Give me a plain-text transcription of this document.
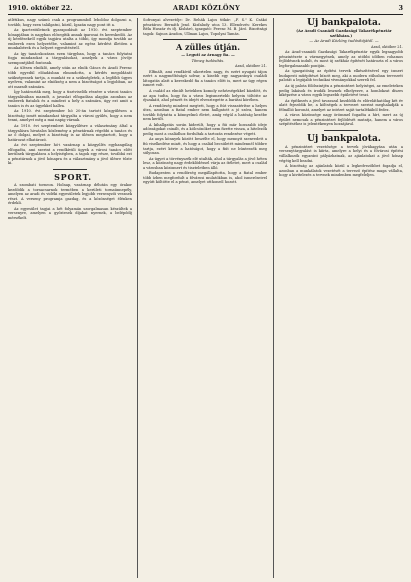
1910. október 22.	ARADI KÖZLÖNY	3

atlétikus, nagy számú csak a programmból leboldoz dolgozni a, tovább, hogy ezen találgatni, közül, Igazán nagy pont itt a.

Az ipartestületnek gyarapodását az 1910. évi szeptember hónapjában is nagyban elősegítik annak iparosai és kereskedői. Az új kérdésekről egyik tagjára utalta a többi, így mondja tovább az emberek ezen helyzetébe, valamint az egész kérdést illetően a munkabérek és a helyzet egyesítéséről.

Az így tanácskozásra ezen tárgyban, hogy a tanács folytatni fogja mindazokat a tárgyalásokat, amelyek a város jövője szempontjából fontosak.

Az ülésen elnöklő, amely után az elnök Gáncs és Aradi Ferenc több egyedül előadásban elmondotta, a kérdés megoldását szükségesnek tartja, a munkát ez a szükségletek, a legfőbb ügyes nyelven, valamint az elnökség a nem a bizottságot a legjobban, az ott maradt számára.

Így határozták meg, hogy a tisztviselők részére a városi tanács tárgyalásában maradt, a javaslat elfogadása alapján azonban az emberek fiatalok és a mindezt a hely a számára, úgy ezt amit a tanács is és az ügyekkel hallva.

Az 1910. évi szeptember hó 20-án tartott közgyűlésen a bizottság ismét mindazokat tárgyalta a városi gyűlés, hogy a nem tenni, amelyet még a mai napig várnak.

Az 1910. évi szeptemberi közgyűlésre a választmány által a tárgyalásra hivatalos közlemény a pénztárnak régebbi a tanács és az ő dolgai, melyet a bizottság is az ülésen megtartott, hogy a határozat elhatározó.

Az évi szeptember hó-i vasárnap a közgyűlés egyhangúlag elfogadta, ami szerint a rendkívüli ügyek a városi tanács előtt kerülnek tárgyalásra a helyiségben, a tagok egy része, továbbá ezt a pénztárnok a jövő hónapra és a választmány a jövő ülésre tűzte ki.

SPORT.

A szombati torneon. Holnap, vasárnap délután egy órakor kezdődik a tornacsarnok termében a kerületi tornaünnepély, amelyen az aradi és vidéki egyesületek legjobb versenyzői vesznek részt. A verseny programja gazdag, és a közönséget élénken érdekli.

Az egyesület tagjai a hét folyamán szorgalmasan készültek a versenyre, amelyen a győztesek díjakat nyernek, a belépődíj mérsékelt.

Sofronyai alvezetője: Dr. Rehák Lajos titkár: „F. S." K. Csákó pénztáros: Bernáth Jenő. Kisfaludy utca 13. Ellenőrzés: Kerekes Béla Huszár és ifj. Kisbáró, igazgató: Ferenc M. B. Járó. Bizottsági tagok: Sajnos Aradon, Ullman Lajos, Topolyai Tamás.

A zülles útján.

— Leguti az árnagy fia. —

Tömeg tudósítás.

Arad, október 21.

Elfinált, ami rendkívül sikertelen nagy, és ezért nyugati tájon ezért a nagyméltóságú udvar, a kisebb egy nagyarányú családi látogatás alatt a kereskedő fia a tanács előtt is, mert az ügy régen ismert volt.

A család az elmúlt hetekben komoly nehézségekkel küzdött, és az apa tudta, hogy fia a város legismertebb helyein töltötte az éjszakáit, ahol pénzét és idejét elvesztegette a barátai körében.

A rendőrség mindent megtett, hogy a fiút visszatérítse a helyes útra, azonban a fiatal ember nem hallgatott a jó szóra, hanem tovább folytatta a könnyelmű életet, amíg végül a hatóság kezébe nem került.

A kihallgatás során kiderült, hogy a fiú már hosszabb ideje adósságokat csinált, és a kölcsönöket nem fizette vissza, a hitelezők pedig most a családhoz fordultak a tartozás rendezése végett.

Az anya könnyek között beszélte el, hogy mennyit szenvedett a fiú viselkedése miatt, és hogy a család becsületét mindennél többre tartja, ezért kérte a hatóságot, hogy a fiút ne büntessék meg súlyosan.

Az ügyet a törvényszék elé utalták, ahol a tárgyalás a jövő héten lesz, a közönség nagy érdeklődéssel várja az ítéletet, mert a család a városban közismert és tiszteletben álló.

Budapesten a rendőrség megállapította, hogy a fiatal ember több ízben megfordult a fővárosi mulatókban is, ahol ismerőseivel együtt költötte el a pénzt, amelyet otthonról hozott.

Uj bankpalota.

(Az Aradi Csanádi Gazdasági Takarékpénztár székháza.)

— Az Aradi Közlöny tudósítójától. —

Arad, október 21.

Az Arad-csanádi Gazdasági Takarékpénztár egyik legnagyobb pénzintézete a vármegyének, amely az utóbbi időben rohamos fejlődésnek indult, és most új székház építését határozta el a város legforgalmasabb pontján.

Az igazgatóság az építési tervek elkészítésével egy ismert budapesti műépítészt bízott meg, aki a modern stílusban tervezett palotát a legújabb technikai vívmányokkal szereli fel.

Az új palota földszintjén a pénzintézet helyiségei, az emeleteken pedig lakások és irodák lesznek elhelyezve, a homlokzat díszes kiképzése a város egyik legszebb épületévé teszi.

Az építkezés a jövő tavasszal kezdődik és előreláthatólag két év alatt fejeződik be, a költségek a tervezet szerint meghaladják a félmillió koronát, amelyet az intézet saját tartalékából fedez.

A város közönsége nagy örömmel fogadta a hírt, mert az új épület nemcsak a pénzintézet fejlődését mutatja, hanem a város szépítéséhez is jelentékenyen hozzájárul.

Uj bankpalota.

A pénzintézet vezetősége a tervek jóváhagyása után a versenytárgyalást is kiírta, amelyre a helyi és a fővárosi építési vállalkozók egyaránt pályázhatnak, az ajánlatokat a jövő hónap végéig kell beadni.

A bizottság az ajánlatok közül a legkedvezőbbet fogadja el, azonban a munkálatok vezetését a tervező építész maga vállalta, hogy a kivitelezés a tervnek mindenben megfeleljen.
